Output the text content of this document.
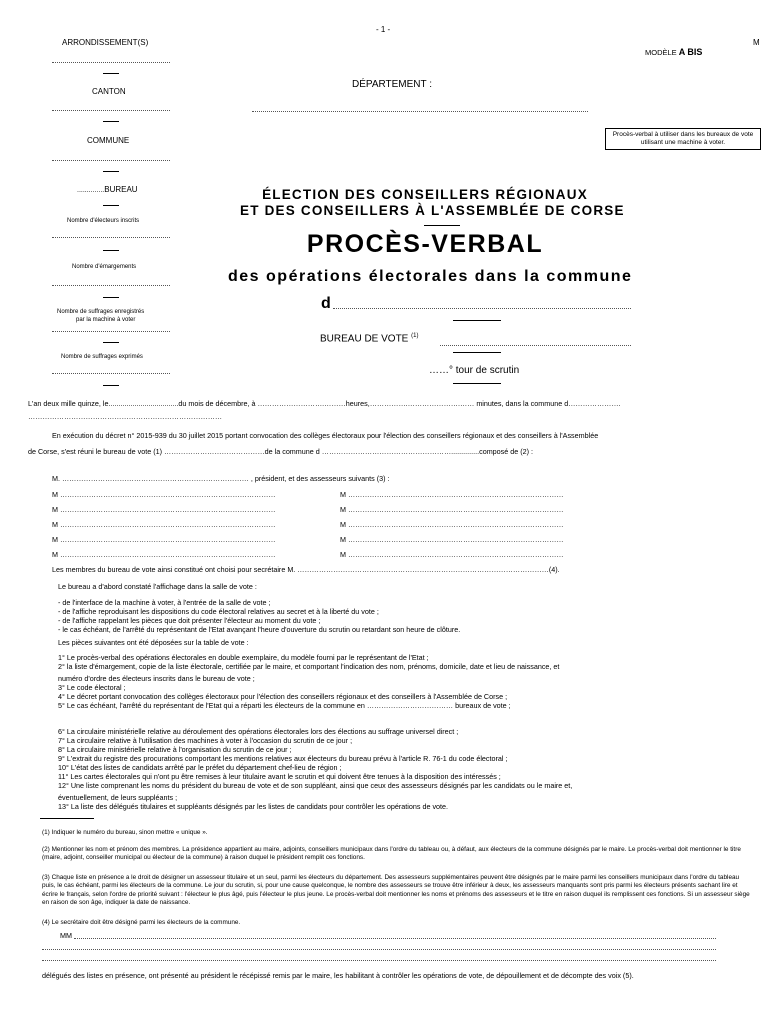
- 1 -
M
MODÈLE A BIS
ARRONDISSEMENT(S)
CANTON
COMMUNE
..............BUREAU
Nombre d'électeurs inscrits
Nombre d'émargements
Nombre de suffrages enregistrés
par la machine à voter
Nombre de suffrages exprimés
DÉPARTEMENT :
Procès-verbal à utiliser dans les bureaux de vote utilisant une machine à voter.
ÉLECTION DES CONSEILLERS RÉGIONAUX
ET DES CONSEILLERS À L'ASSEMBLÉE DE CORSE
PROCÈS-VERBAL
des opérations électorales dans la commune
d
BUREAU DE VOTE $^{(1)}$
……° tour de scrutin
L'an deux mille quinze, le...................................du mois de décembre, à ……………………….………heures,…………….………………….…… minutes, dans la commune d………………….
………………………………………………………………………
En exécution du décret n° 2015-939 du 30 juillet 2015 portant convocation des collèges électoraux pour l'élection des conseillers régionaux et des conseillers à l'Assemblée
de Corse, s'est réuni le bureau de vote (1) ……………………………………de la commune d ………………………………………………..............composé de (2) :
M. …………………………………………………………………… , président, et des assesseurs suivants (3) :
M ………………………………………………………………………………	M ………………………………………………………………………………
M ………………………………………………………………………………	M ………………………………………………………………………………
M ………………………………………………………………………………	M ………………………………………………………………………………
M ………………………………………………………………………………	M ………………………………………………………………………………
M ………………………………………………………………………………	M ………………………………………………………………………………
Les membres du bureau de vote ainsi constitué ont choisi pour secrétaire M. ……………………………………………………………………………………………(4).
Le bureau a d'abord constaté l'affichage dans la salle de vote :
- de l'interface de la machine à voter, à l'entrée de la salle de vote ;
- de l'affiche reproduisant les dispositions du code électoral relatives au secret et à la liberté du vote ;
- de l'affiche rappelant les pièces que doit présenter l'électeur au moment du vote ;
- le cas échéant, de l'arrêté du représentant de l'Etat avançant l'heure d'ouverture du scrutin ou retardant son heure de clôture.
Les pièces suivantes ont été déposées sur la table de vote :
1° Le procès-verbal des opérations électorales en double exemplaire, du modèle fourni par le représentant de l'Etat ;
2° la liste d'émargement, copie de la liste électorale, certifiée par le maire, et comportant l'indication des nom, prénoms, domicile, date et lieu de naissance, et
numéro d'ordre des électeurs inscrits dans le bureau de vote ;
3° Le code électoral ;
4° Le décret portant convocation des collèges électoraux pour l'élection des conseillers régionaux et des conseillers à l'Assemblée de Corse ;
5° Le cas échéant, l'arrêté du représentant de l'Etat qui a réparti les électeurs de la commune en ……………………………… bureaux de vote ;
6° La circulaire ministérielle relative au déroulement des opérations électorales lors des élections au suffrage universel direct ;
7° La circulaire relative à l'utilisation des machines à voter à l'occasion du scrutin de ce jour ;
8° La circulaire ministérielle relative à l'organisation du scrutin de ce jour ;
9° L'extrait du registre des procurations comportant les mentions relatives aux électeurs du bureau prévu à l'article R. 76-1 du code électoral ;
10° L'état des listes de candidats arrêté par le préfet du département chef-lieu de région ;
11° Les cartes électorales qui n'ont pu être remises à leur titulaire avant le scrutin et qui doivent être tenues à la disposition des intéressés ;
12° Une liste comprenant les noms du président du bureau de vote et de son suppléant, ainsi que ceux des assesseurs désignés par les candidats ou le maire et,
éventuellement, de leurs suppléants ;
13° La liste des délégués titulaires et suppléants désignés par les listes de candidats pour contrôler les opérations de vote.
(1) Indiquer le numéro du bureau, sinon mettre « unique ».
(2) Mentionner les nom et prénom des membres. La présidence appartient au maire, adjoints, conseillers municipaux dans l'ordre du tableau ou, à défaut, aux électeurs de la commune désignés par le maire. Le procès-verbal doit mentionner le titre (maire, adjoint, conseiller municipal ou électeur de la commune) à raison duquel le président remplit ces fonctions.
(3) Chaque liste en présence a le droit de désigner un assesseur titulaire et un seul, parmi les électeurs du département. Des assesseurs supplémentaires peuvent être désignés par le maire parmi les conseillers municipaux dans l'ordre du tableau puis, le cas échéant, parmi les électeurs de la commune. Le jour du scrutin, si, pour une cause quelconque, le nombre des assesseurs se trouve être inférieur à deux, les assesseurs manquants sont pris parmi les électeurs présents sachant lire et écrire le français, selon l'ordre de priorité suivant : l'électeur le plus âgé, puis l'électeur le plus jeune. Le procès-verbal doit mentionner les noms et prénoms des assesseurs et le titre en raison duquel ils remplissent ces fonctions. Si un assesseur siège en raison de son âge, indiquer la date de naissance.
(4) Le secrétaire doit être désigné parmi les électeurs de la commune.
MM
délégués des listes en présence, ont présenté au président le récépissé remis par le maire, les habilitant à contrôler les opérations de vote, de dépouillement et de décompte des voix (5).
